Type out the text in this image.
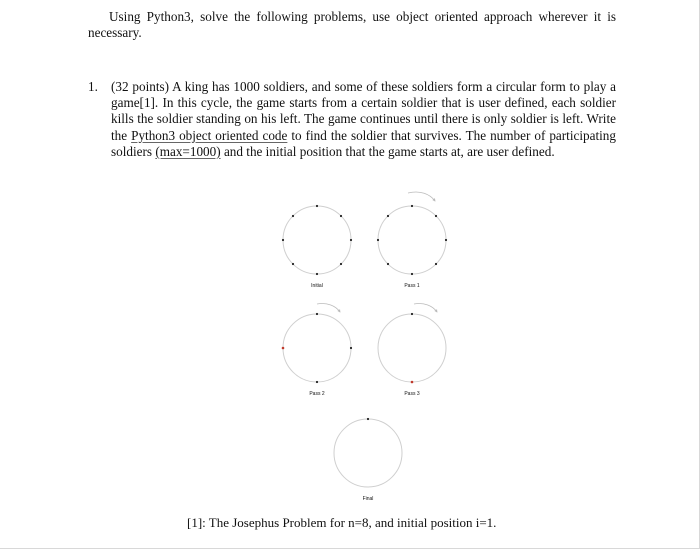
Using Python3, solve the following problems, use object oriented approach wherever it is necessary.

1. (32 points) A king has 1000 soldiers, and some of these soldiers form a circular form to play a game[1]. In this cycle, the game starts from a certain soldier that is user defined, each soldier kills the soldier standing on his left. The game continues until there is only soldier is left. Write the Python3 object oriented code to find the soldier that survives. The number of participating soldiers (max=1000) and the initial position that the game starts at, are user defined.
Initial	Pass 1
Pass 2	Pass 3
Final

[1]: The Josephus Problem for n=8, and initial position i=1.
